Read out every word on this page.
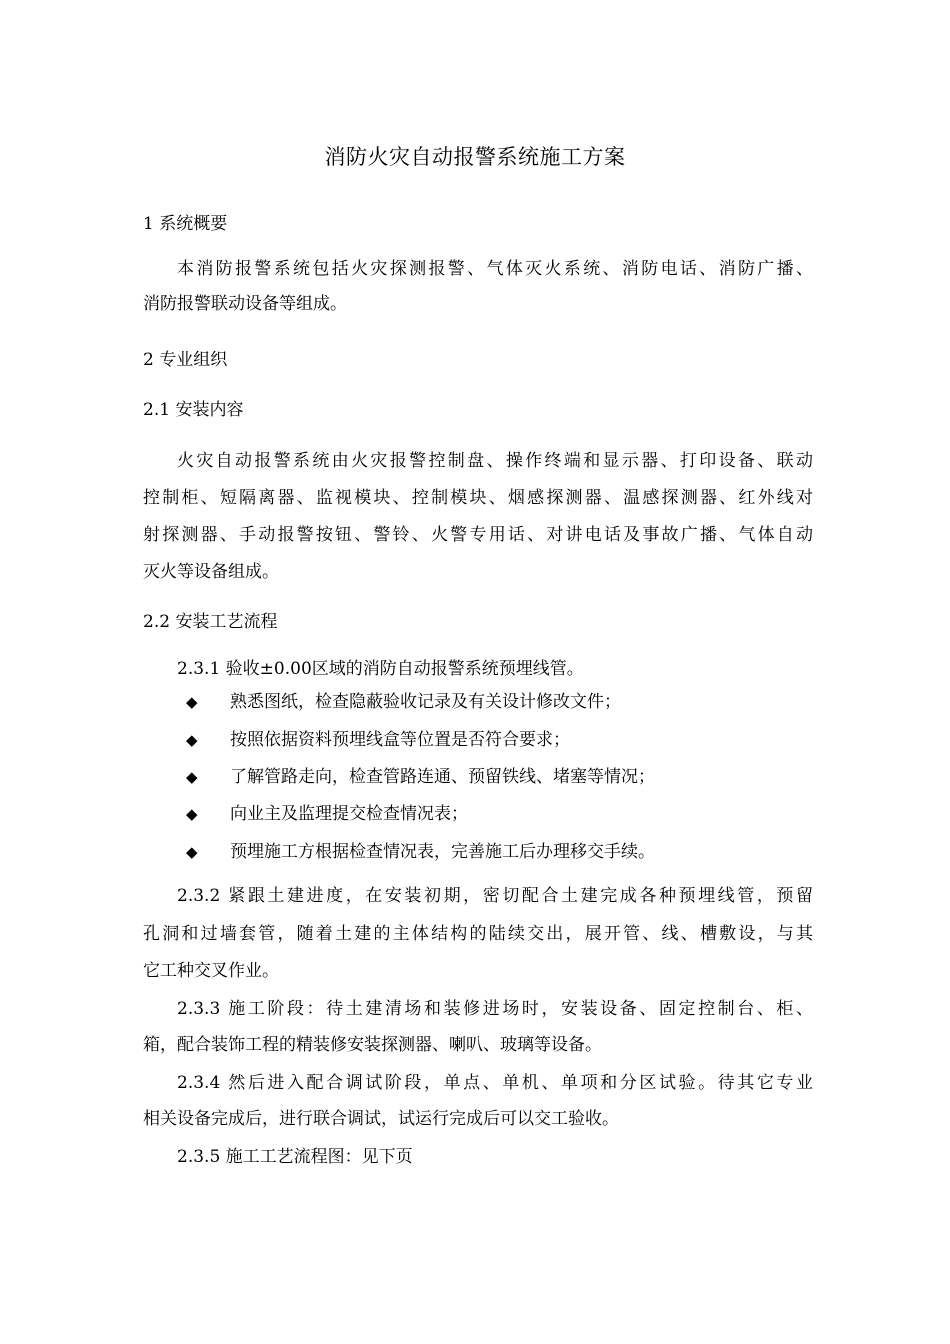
消防火灾自动报警系统施工方案
1 系统概要
本消防报警系统包括火灾探测报警、气体灭火系统、消防电话、消防广播、
消防报警联动设备等组成。
2 专业组织
2.1 安装内容
火灾自动报警系统由火灾报警控制盘、操作终端和显示器、打印设备、联动
控制柜、短隔离器、监视模块、控制模块、烟感探测器、温感探测器、红外线对
射探测器、手动报警按钮、警铃、火警专用话、对讲电话及事故广播、气体自动
灭火等设备组成。
2.2 安装工艺流程
2.3.1 验收±0.00区域的消防自动报警系统预埋线管。
◆ 熟悉图纸，检查隐蔽验收记录及有关设计修改文件；
◆ 按照依据资料预埋线盒等位置是否符合要求；
◆ 了解管路走向，检查管路连通、预留铁线、堵塞等情况；
◆ 向业主及监理提交检查情况表；
◆ 预埋施工方根据检查情况表，完善施工后办理移交手续。
2.3.2 紧跟土建进度，在安装初期，密切配合土建完成各种预埋线管，预留
孔洞和过墙套管，随着土建的主体结构的陆续交出，展开管、线、槽敷设，与其
它工种交叉作业。
2.3.3 施工阶段：待土建清场和装修进场时，安装设备、固定控制台、柜、
箱，配合装饰工程的精装修安装探测器、喇叭、玻璃等设备。
2.3.4 然后进入配合调试阶段，单点、单机、单项和分区试验。待其它专业
相关设备完成后，进行联合调试，试运行完成后可以交工验收。
2.3.5 施工工艺流程图：见下页
